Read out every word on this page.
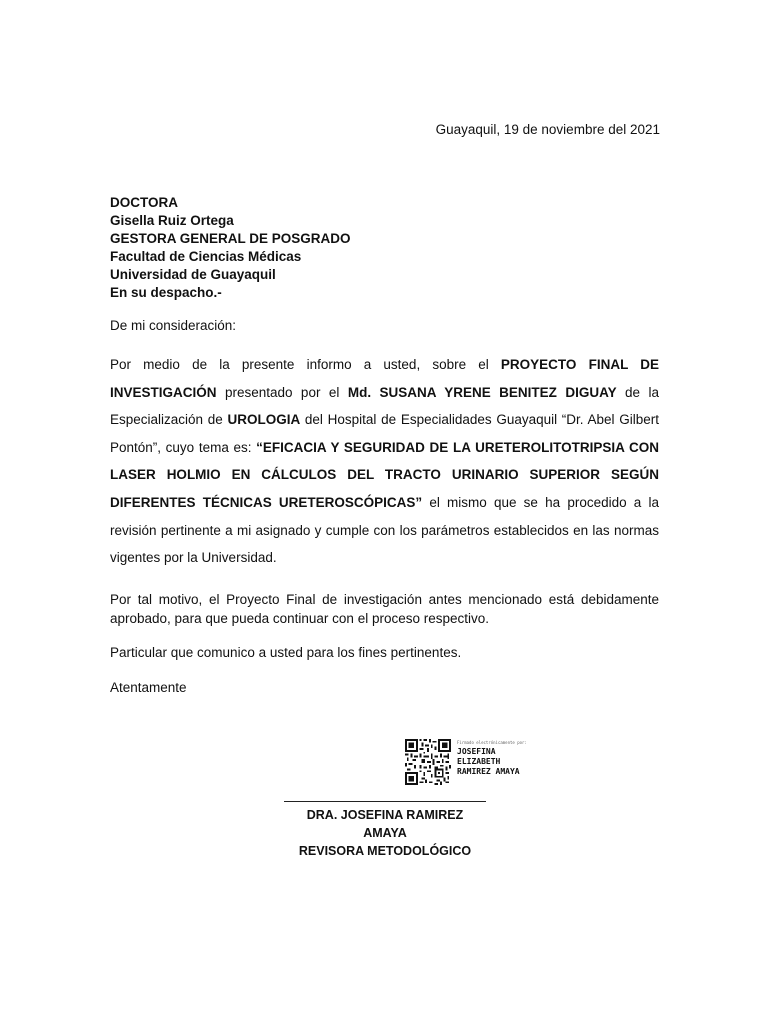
Guayaquil, 19 de noviembre del 2021
DOCTORA
Gisella Ruiz Ortega
GESTORA GENERAL DE POSGRADO
Facultad de Ciencias Médicas
Universidad de Guayaquil
En su despacho.-
De mi consideración:
Por medio de la presente informo a usted, sobre el PROYECTO FINAL DE INVESTIGACIÓN presentado por el Md. SUSANA YRENE BENITEZ DIGUAY de la Especialización de UROLOGIA del Hospital de Especialidades Guayaquil “Dr. Abel Gilbert Pontón”, cuyo tema es: “EFICACIA Y SEGURIDAD DE LA URETEROLITOTRIPSIA CON LASER HOLMIO EN CÁLCULOS DEL TRACTO URINARIO SUPERIOR SEGÚN DIFERENTES TÉCNICAS URETEROSCÓPICAS” el mismo que se ha procedido a la revisión pertinente a mi asignado y cumple con los parámetros establecidos en las normas vigentes por la Universidad.
Por tal motivo, el Proyecto Final de investigación antes mencionado está debidamente aprobado, para que pueda continuar con el proceso respectivo.
Particular que comunico a usted para los fines pertinentes.
Atentamente
Firmado electrónicamente por:
JOSEFINA
ELIZABETH
RAMIREZ AMAYA
DRA. JOSEFINA RAMIREZ AMAYA
REVISORA METODOLÓGICO
